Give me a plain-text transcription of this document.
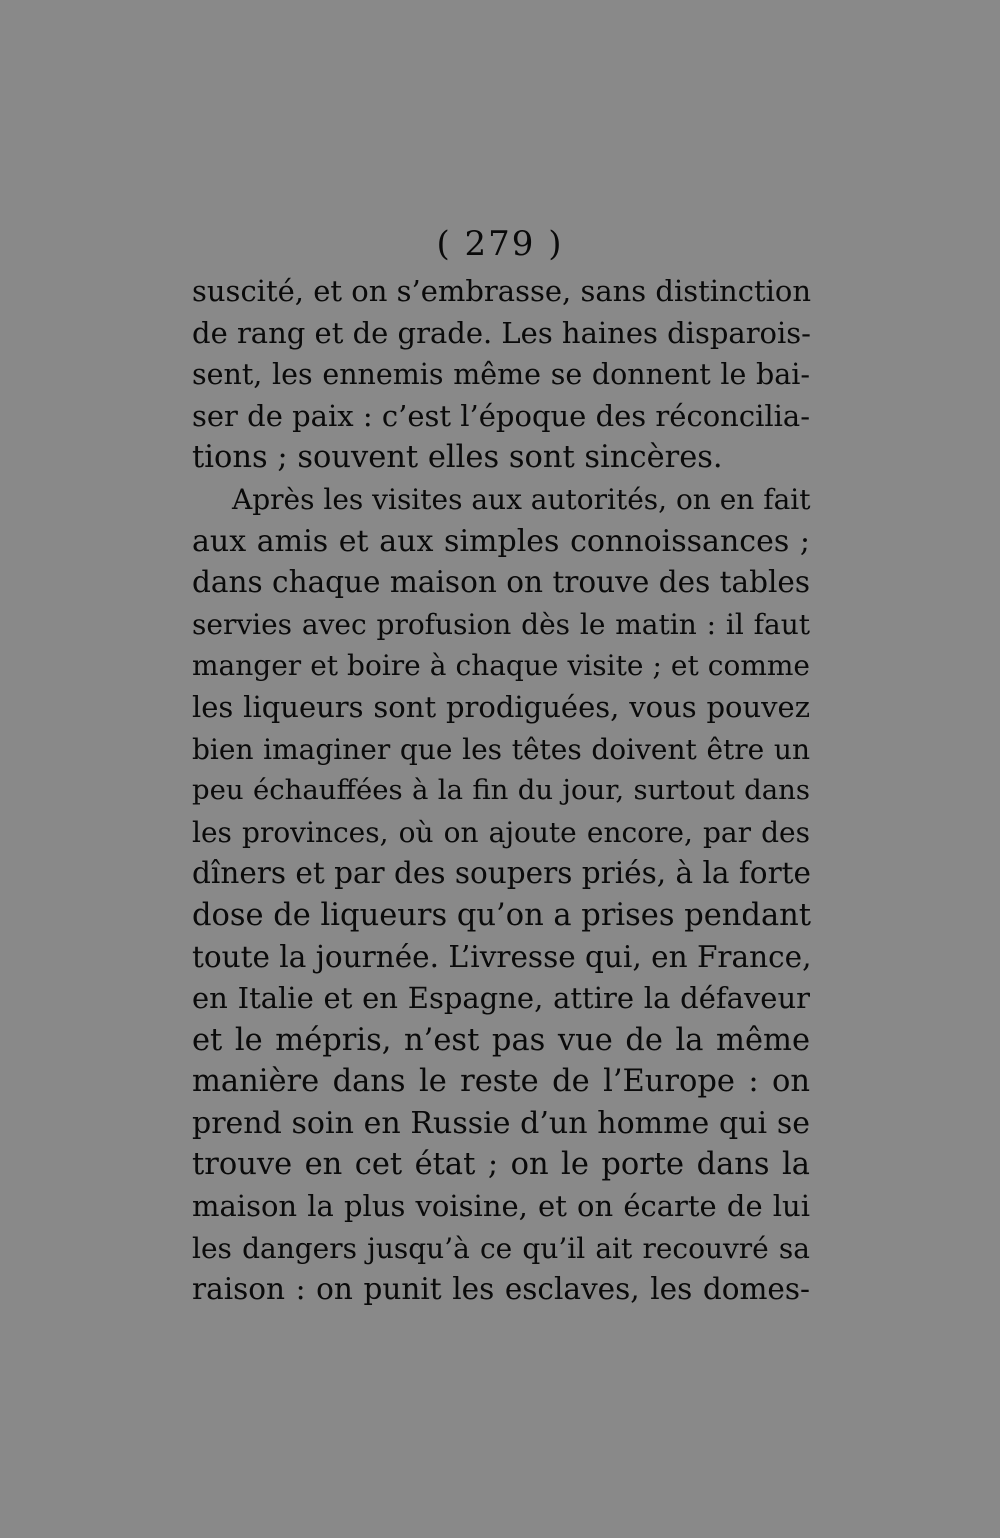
( 279 )
suscité, et on s’embrasse, sans distinction
de rang et de grade. Les haines disparois-
sent, les ennemis même se donnent le bai-
ser de paix : c’est l’époque des réconcilia-
tions ; souvent elles sont sincères.
Après les visites aux autorités, on en fait
aux amis et aux simples connoissances ;
dans chaque maison on trouve des tables
servies avec profusion dès le matin : il faut
manger et boire à chaque visite ; et comme
les liqueurs sont prodiguées, vous pouvez
bien imaginer que les têtes doivent être un
peu échauffées à la fin du jour, surtout dans
les provinces, où on ajoute encore, par des
dîners et par des soupers priés, à la forte
dose de liqueurs qu’on a prises pendant
toute la journée. L’ivresse qui, en France,
en Italie et en Espagne, attire la défaveur
et le mépris, n’est pas vue de la même
manière dans le reste de l’Europe : on
prend soin en Russie d’un homme qui se
trouve en cet état ; on le porte dans la
maison la plus voisine, et on écarte de lui
les dangers jusqu’à ce qu’il ait recouvré sa
raison : on punit les esclaves, les domes-
